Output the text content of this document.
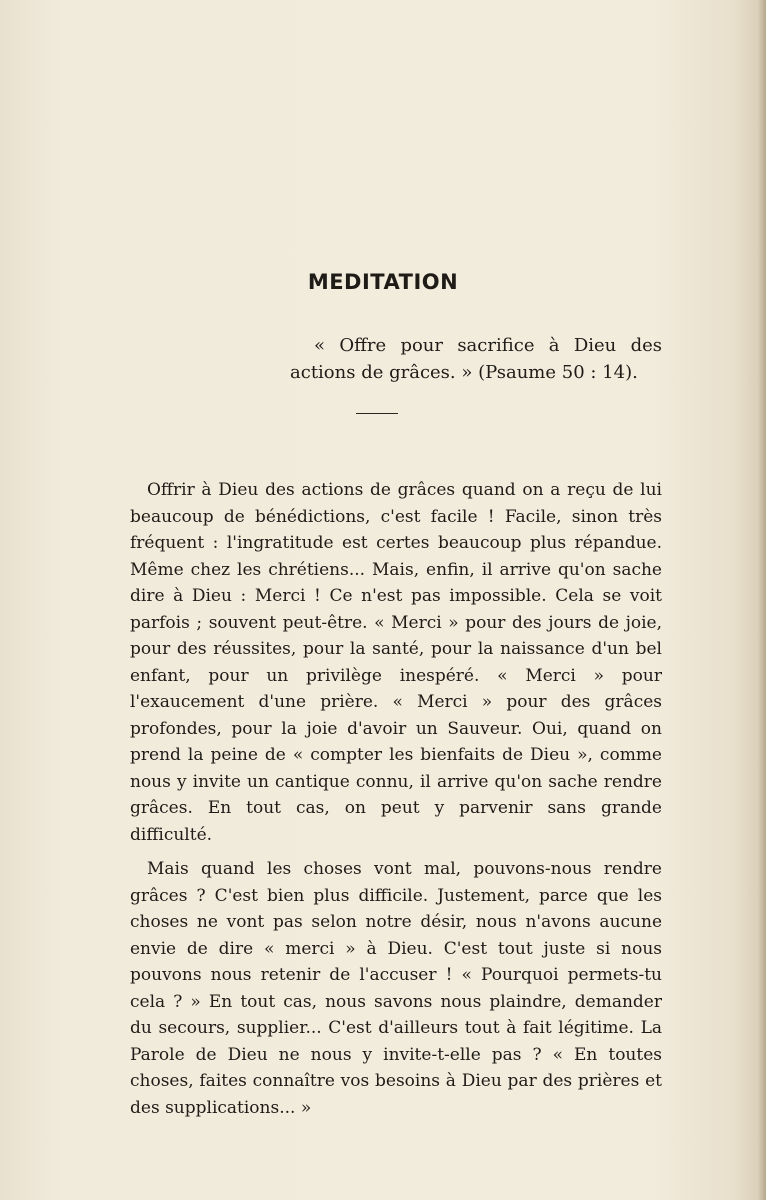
MEDITATION
« Offre pour sacrifice à Dieu des actions de grâces. » (Psaume 50 : 14).

Offrir à Dieu des actions de grâces quand on a reçu de lui beaucoup de bénédictions, c'est facile ! Facile, sinon très fréquent : l'ingratitude est certes beaucoup plus répandue. Même chez les chrétiens... Mais, enfin, il arrive qu'on sache dire à Dieu : Merci ! Ce n'est pas impossible. Cela se voit parfois ; souvent peut-être. « Merci » pour des jours de joie, pour des réussites, pour la santé, pour la naissance d'un bel enfant, pour un privilège inespéré. « Merci » pour l'exaucement d'une prière. « Merci » pour des grâces profondes, pour la joie d'avoir un Sauveur. Oui, quand on prend la peine de « compter les bienfaits de Dieu », comme nous y invite un cantique connu, il arrive qu'on sache rendre grâces. En tout cas, on peut y parvenir sans grande difficulté.

Mais quand les choses vont mal, pouvons-nous rendre grâces ? C'est bien plus difficile. Justement, parce que les choses ne vont pas selon notre désir, nous n'avons aucune envie de dire « merci » à Dieu. C'est tout juste si nous pouvons nous retenir de l'accuser ! « Pourquoi permets-tu cela ? » En tout cas, nous savons nous plaindre, demander du secours, supplier... C'est d'ailleurs tout à fait légitime. La Parole de Dieu ne nous y invite-t-elle pas ? « En toutes choses, faites connaître vos besoins à Dieu par des prières et des supplications... »
